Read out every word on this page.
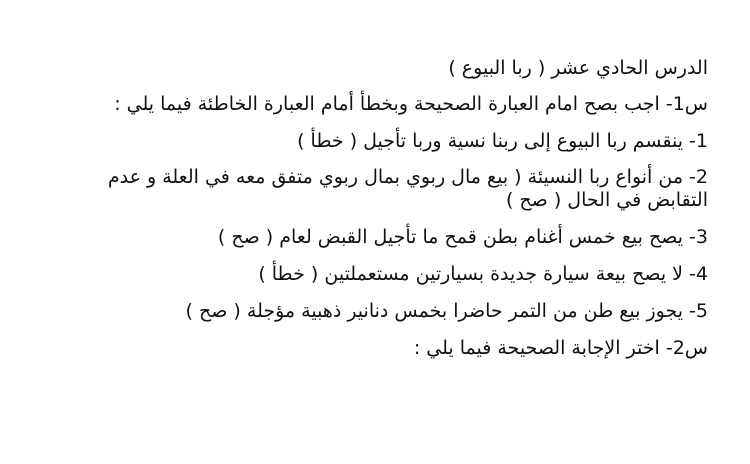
الدرس الحادي عشر ( ربا البيوع )

س1- اجب بصح امام العبارة الصحيحة وبخطأ أمام العبارة الخاطئة فيما يلي :

1- ينقسم ربا البيوع إلى ربنا نسية وربا تأجيل ( خطأ )

2- من أنواع ربا النسيئة ( بيع مال ربوي بمال ربوي متفق معه في العلة و عدم التقابض في الحال ( صح )

3- يصح بيع خمس أغنام بطن قمح ما تأجيل القبض لعام ( صح )

4- لا يصح بيعة سيارة جديدة بسيارتين مستعملتين ( خطأ )

5- يجوز بيع طن من التمر حاضرا بخمس دنانير ذهبية مؤجلة ( صح )

س2- اختر الإجابة الصحيحة فيما يلي :
